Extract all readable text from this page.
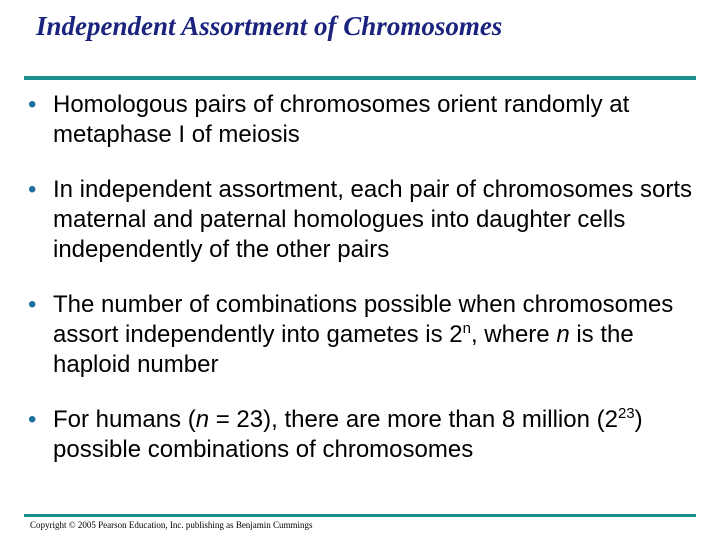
Independent Assortment of Chromosomes
• Homologous pairs of chromosomes orient randomly at metaphase I of meiosis
• In independent assortment, each pair of chromosomes sorts maternal and paternal homologues into daughter cells independently of the other pairs
• The number of combinations possible when chromosomes assort independently into gametes is 2$^n$, where n is the haploid number
• For humans (n = 23), there are more than 8 million $(2^{23})$ possible combinations of chromosomes
Copyright © 2005 Pearson Education, Inc. publishing as Benjamin Cummings
